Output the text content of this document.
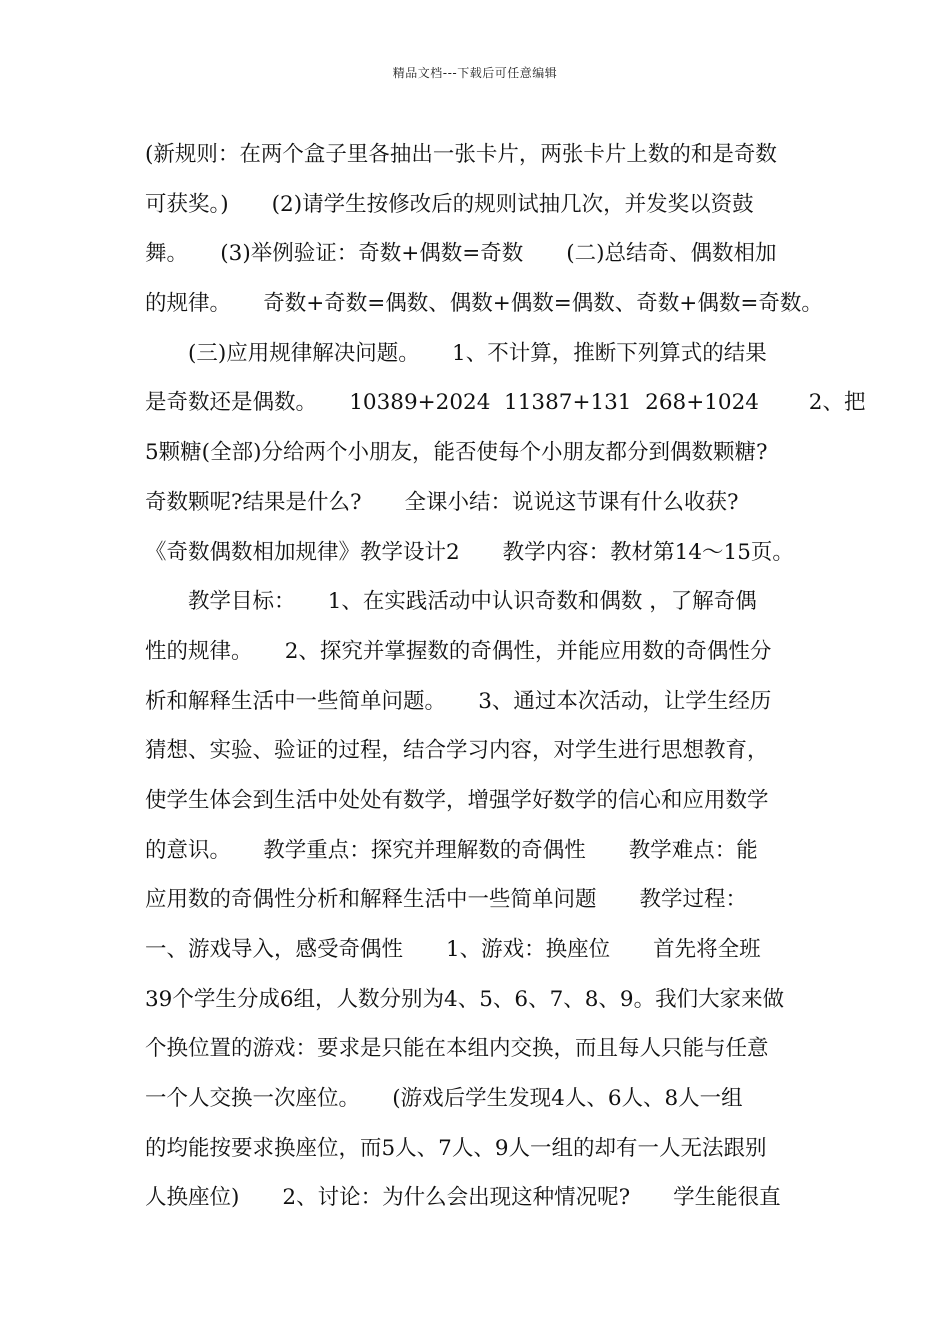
精品文档---下载后可任意编辑
(新规则：在两个盒子里各抽出一张卡片，两张卡片上数的和是奇数
可获奖。)　　(2)请学生按修改后的规则试抽几次，并发奖以资鼓
舞。　　(3)举例验证：奇数+偶数=奇数　　(二)总结奇、偶数相加
的规律。　　奇数+奇数=偶数、偶数+偶数=偶数、奇数+偶数=奇数。
　　(三)应用规律解决问题。　　1、不计算，推断下列算式的结果
是奇数还是偶数。　　10389+2024  11387+131  268+1024　　 2、把
5颗糖(全部)分给两个小朋友，能否使每个小朋友都分到偶数颗糖?
奇数颗呢?结果是什么?　　全课小结：说说这节课有什么收获?
《奇数偶数相加规律》教学设计2　　教学内容：教材第14～15页。
　　教学目标：　　1、在实践活动中认识奇数和偶数 ，了解奇偶
性的规律。　　2、探究并掌握数的奇偶性，并能应用数的奇偶性分
析和解释生活中一些简单问题。　　3、通过本次活动，让学生经历
猜想、实验、验证的过程，结合学习内容，对学生进行思想教育，
使学生体会到生活中处处有数学，增强学好数学的信心和应用数学
的意识。　　教学重点：探究并理解数的奇偶性　　教学难点：能
应用数的奇偶性分析和解释生活中一些简单问题　　教学过程：
一、游戏导入，感受奇偶性　　1、游戏：换座位　　首先将全班
39个学生分成6组，人数分别为4、5、6、7、8、9。我们大家来做
个换位置的游戏：要求是只能在本组内交换，而且每人只能与任意
一个人交换一次座位。　　(游戏后学生发现4人、6人、8人一组
的均能按要求换座位，而5人、7人、9人一组的却有一人无法跟别
人换座位)　　2、讨论：为什么会出现这种情况呢?　　学生能很直
